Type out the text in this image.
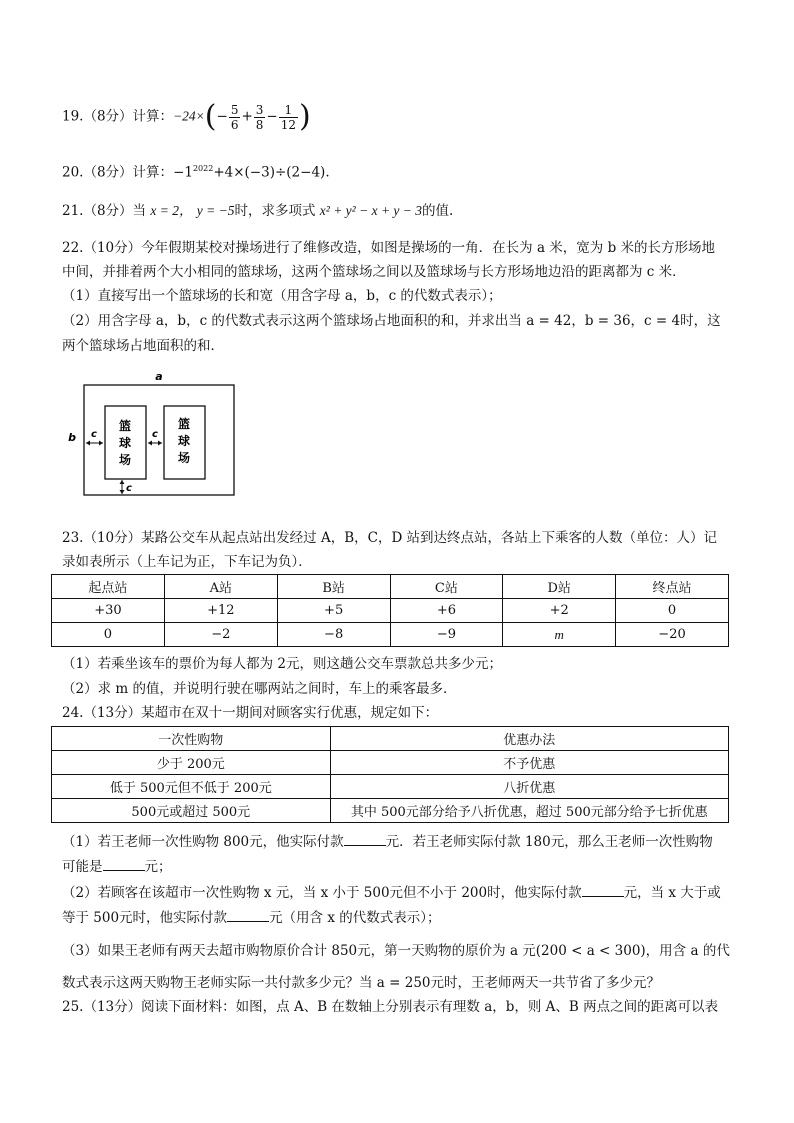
19.（8分）计算：$-24\times(- \frac{5}{6} + \frac{3}{8} - \frac{1}{12}$ )
20.（8分）计算：$-1^{2022}+4\times(-3)\div(2-4)$.
21.（8分）当 x = 2， y = −5时，求多项式 x² + y² − x + y − 3的值.
22.（10分）今年假期某校对操场进行了维修改造，如图是操场的一角．在长为 a 米，宽为 b 米的长方形场地
中间，并排着两个大小相同的篮球场，这两个篮球场之间以及篮球场与长方形场地边沿的距离都为 c 米．
（1）直接写出一个篮球场的长和宽（用含字母 a，b，c 的代数式表示）；
（2）用含字母 a，b，c 的代数式表示这两个篮球场占地面积的和，并求出当 a = 42，b = 36，c = 4时，这
两个篮球场占地面积的和．
a
b c	c
c
篮
球
场
篮
球
场
23.（10分）某路公交车从起点站出发经过 A，B，C，D 站到达终点站，各站上下乘客的人数（单位：人）记
录如表所示（上车记为正，下车记为负）．
起点站	A站	B站	C站	D站	终点站
+30	+12	+5	+6	+2	0
0	−2	−8	−9	m	−20
（1）若乘坐该车的票价为每人都为 2元，则这趟公交车票款总共多少元；
（2）求 m 的值，并说明行驶在哪两站之间时，车上的乘客最多．
24.（13分）某超市在双十一期间对顾客实行优惠，规定如下：
一次性购物	优惠办法
少于 200元	不予优惠
低于 500元但不低于 200元	八折优惠
500元或超过 500元	其中 500元部分给予八折优惠，超过 500元部分给予七折优惠
（1）若王老师一次性购物 800元，他实际付款	元．若王老师实际付款 180元，那么王老师一次性购物
可能是	元；
（2）若顾客在该超市一次性购物 x 元，当 x 小于 500元但不小于 200时，他实际付款	元，当 x 大于或
等于 500元时，他实际付款	元（用含 x 的代数式表示）；
（3）如果王老师有两天去超市购物原价合计 850元，第一天购物的原价为 a 元(200 < a < 300)，用含 a 的代
数式表示这两天购物王老师实际一共付款多少元？当 a = 250元时，王老师两天一共节省了多少元？
25.（13分）阅读下面材料：如图，点 A、B 在数轴上分别表示有理数 a，b，则 A、B 两点之间的距离可以表
